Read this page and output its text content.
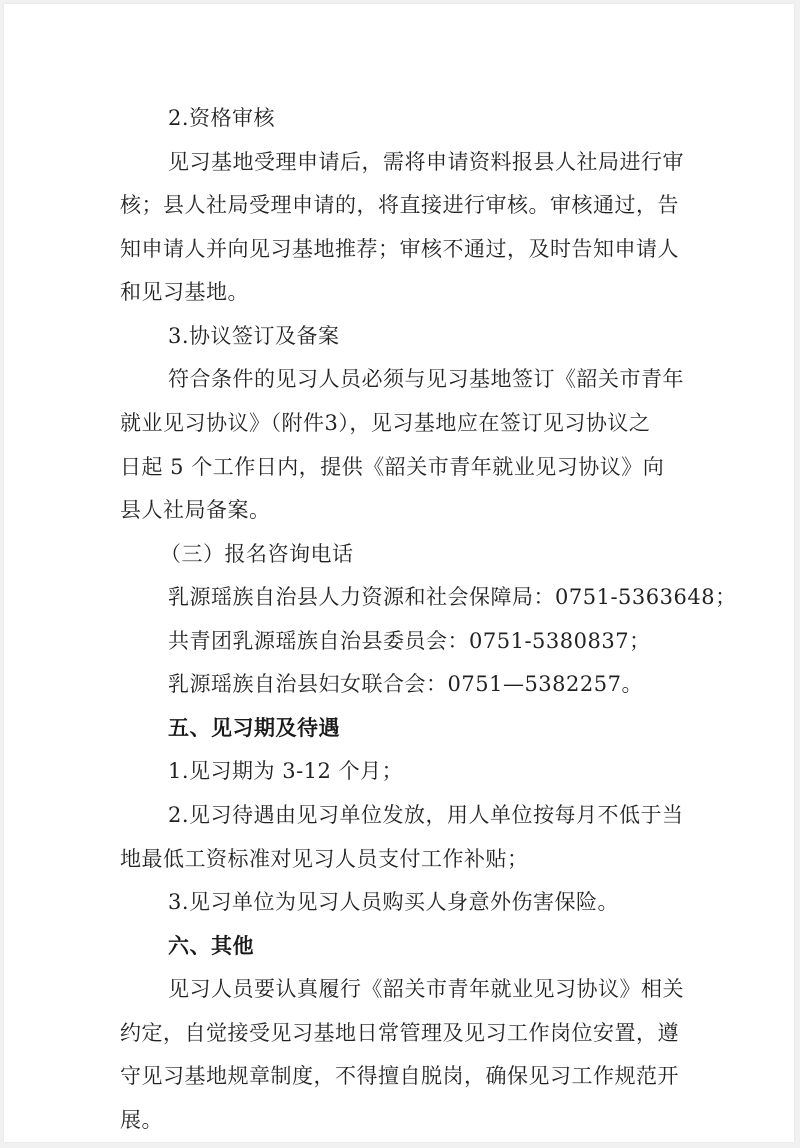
2.资格审核

见习基地受理申请后，需将申请资料报县人社局进行审

核；县人社局受理申请的，将直接进行审核。审核通过，告

知申请人并向见习基地推荐；审核不通过，及时告知申请人

和见习基地。

3.协议签订及备案

符合条件的见习人员必须与见习基地签订《韶关市青年

就业见习协议》（附件3），见习基地应在签订见习协议之

日起 5 个工作日内，提供《韶关市青年就业见习协议》向

县人社局备案。

（三）报名咨询电话

乳源瑶族自治县人力资源和社会保障局：0751-5363648；

共青团乳源瑶族自治县委员会：0751-5380837；

乳源瑶族自治县妇女联合会：0751—5382257。

五、见习期及待遇

1.见习期为 3-12 个月；

2.见习待遇由见习单位发放，用人单位按每月不低于当

地最低工资标准对见习人员支付工作补贴；

3.见习单位为见习人员购买人身意外伤害保险。

六、其他

见习人员要认真履行《韶关市青年就业见习协议》相关

约定，自觉接受见习基地日常管理及见习工作岗位安置，遵

守见习基地规章制度，不得擅自脱岗，确保见习工作规范开

展。
